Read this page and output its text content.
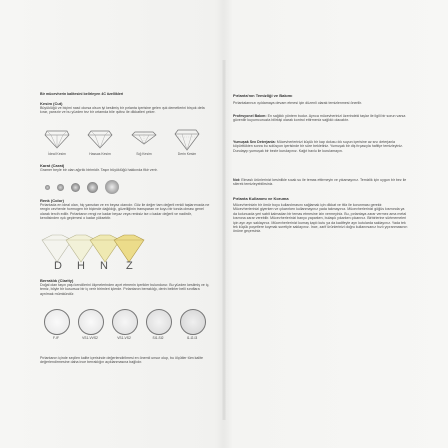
Bir mücevherin kalitesini belirleyen 4C özellikleri
Kesim (Cut)
Büyüklüğü ve biçimi nasıl olursa olsun iyi kesilmiş bir pırlanta içerisine gelen ışık demetlerini birçok defa kırar, yansıtır ve bu yüzden tez bir ortamda bile ışıltısı ile dikkatleri çeker.
İdeal Kesim	Hassas Kesim	Sığ Kesim	Derin Kesim
Karat (Carat)
Gramer beyle bir olan ağırlık birimidir. Taşın büyüklüğü hakkında fikir verir.
Renk (Color)
Pırlantada en ideal olan, hiç yansıtan ve en beyaz olanıdır. Göz ile değer tam değerli renkli taşlarımızda ne rengin cevherde hormogen bir biçimde dağıldığı, güzelliğinin transparan ve koyu bir tonda olması genel olarak tercih edilir. Pırlantanın rengi ne kadar beyaz veya renksiz ise o kadar değerli ve nadirdir, kendisinden ışık geçirmesi o kadar yüksektir.
D H N Z
Berraklık (Clarity)
Doğal olan taşın yaşı kendilerini ölçmelerinden ayırt etmenin içerikler bulundurur. Bu yüzden kesilmiş ve iç, temiz, böyle bir kusursuz bir iç verir birimleri içlerde. Pırlantanın berraklığı, derin belirler belli sınıflara ayrılmak mümkündür.
F-IF	VS1-VVS2	VS1-VS2	SI1-SI2	I1-I2-I3
Pırlantanın içinde seçilen kalite içerisinde değerlendirilmesi en önemli unsur olup, bu ölçütler tüm kalite değerlendirmesine daha ince berraklığın açıklanmasına bağlıdır.
Pırlanta'nın Temizliği ve Bakımı
Pırlantalarınızı ışıldamaya devam etmesi için düzenli olarak temizlenmesi önerilir.
Profesyonel Bakım: En sağlıklı yöntem budur. Ayrıca mücevherinizi üzerindeki taşlar ile ilgili bir sorun varsa güvenilir kuyumcunuzla bilirkişi olarak kontrol ettirmeniz sağlıklı olacaktır.
Yumuşak Sıvı Deterjanla: Mücevherlerinizi küçük bir kap dolusu ılık suyun içerisine az sıvı deterjanla köpürttükten sonra bu solüsyon içerisinde bir süre bekletiniz. Yumuşak bir diş fırçasıyla hafifçe temizleyiniz. Durulayıp yumuşak bir bezle kurulayınız. Kağıt havlu ile kurulamayın.
Not: Elmaslı ürünlerinizi kesinlikle sıcak su ile temas ettirmeyin ve yıkamayınız. Temizlik için uygun bir bez ile silerek temizleyebilirsiniz.
Pırlanta Kullanımı ve Koruma
Mücevherinizin bir ömür boyu kullanılmasını sağlamak için dikkat ve titiz ile korunması gerekir. Mücevherlerinizi giyerken ve çıkarırken kullanmayınız yada takmayınız. Mücevherlerinizi göğüs kısmında ya da kolunuzda yeri sabit kalmadan bir temas etmesine izin vermeyiniz. Bu, pırlantaya zarar vermez ama metal kısmına zarar verebilir. Mücevherlerinizi banyo yaparken, bulaşık yıkarken çıkarınız. Birbirlerine sürtmemeleri için ayrı ayrı saklayınız. Mücevherlerinizi kumaş kaplı kutu ya da kadifeyle ayrı kutularda saklayınız. Yada tek tek küçük poşetlere koymak suretiyle saklayınız. İnce, zarif ürünlerinizi doğru kullanırsanız hızlı yıpranmasının önüne geçersiniz.
